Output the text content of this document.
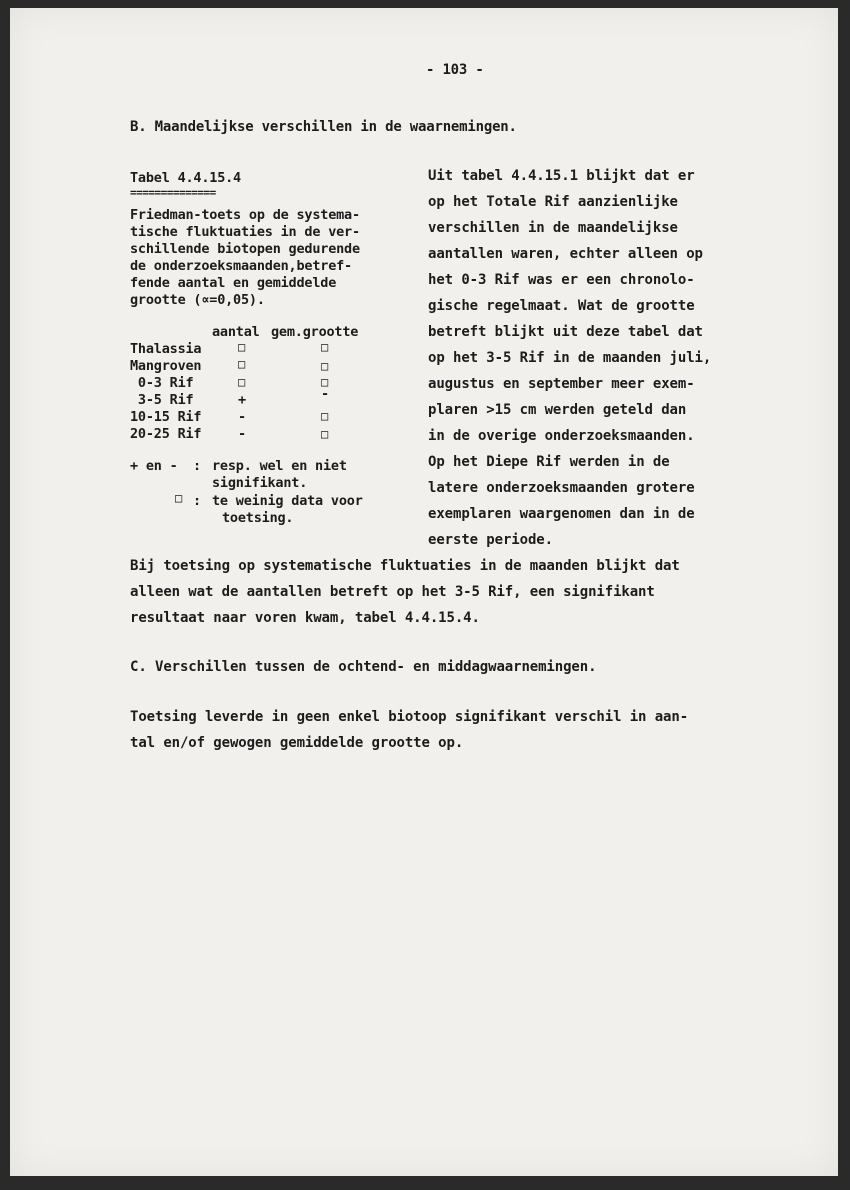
- 103 -
B. Maandelijkse verschillen in de waarnemingen.
Tabel 4.4.15.4
==============
Friedman-toets op de systema-
tische fluktuaties in de ver-
schillende biotopen gedurende
de onderzoeksmaanden,betref-
fende aantal en gemiddelde
grootte (∝=0,05).
aantal gem.grootte
Thalassia	□	□
Mangroven	□	□
0-3 Rif	□	□
3-5 Rif	+	-
10-15 Rif	-	□
20-25 Rif	-	□
+ en - : resp. wel en niet
signifikant.
□ : te weinig data voor
toetsing.
Uit tabel 4.4.15.1 blijkt dat er
op het Totale Rif aanzienlijke
verschillen in de maandelijkse
aantallen waren, echter alleen op
het 0-3 Rif was er een chronolo-
gische regelmaat. Wat de grootte
betreft blijkt uit deze tabel dat
op het 3-5 Rif in de maanden juli,
augustus en september meer exem-
plaren >15 cm werden geteld dan
in de overige onderzoeksmaanden.
Op het Diepe Rif werden in de
latere onderzoeksmaanden grotere
exemplaren waargenomen dan in de
eerste periode.
Bij toetsing op systematische fluktuaties in de maanden blijkt dat
alleen wat de aantallen betreft op het 3-5 Rif, een signifikant
resultaat naar voren kwam, tabel 4.4.15.4.
C. Verschillen tussen de ochtend- en middagwaarnemingen.
Toetsing leverde in geen enkel biotoop signifikant verschil in aan-
tal en/of gewogen gemiddelde grootte op.
